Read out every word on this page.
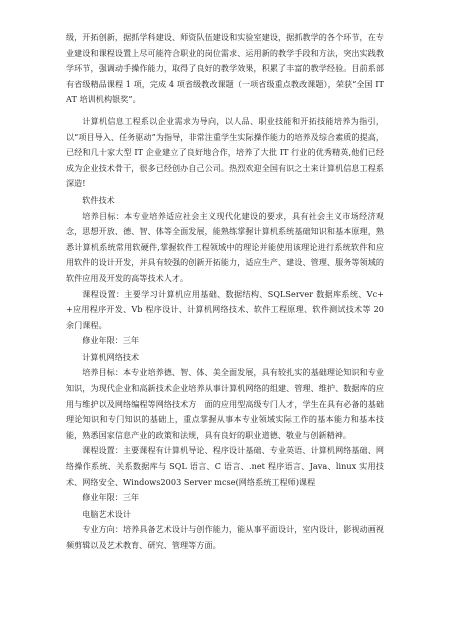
级，开拓创新，据抓学科建设、师资队伍建设和实验室建设，据抓教学的各个环节，在专业建设和课程设置上尽可能符合职业的岗位需求、运用新的教学手段和方法，突出实践教学环节，强调动手操作能力，取得了良好的教学效果，积累了丰富的教学经验。目前系部有省级精品课程 1 项，完成 4 项省级教改课题（一项省级重点教改课题），荣获“全国 ITAT 培训机构银奖”。

计算机信息工程系以企业需求为导向，以人品、职业技能和开拓技能培养为指引，以“项目导入、任务驱动”为指导，非常注重学生实际操作能力的培养及综合素质的提高，已经和几十家大型 IT 企业建立了良好地合作，培养了大批 IT 行业的优秀精英,他们已经成为企业技术骨干，很多已经创办自己公司。热烈欢迎全国有识之士来计算机信息工程系深造!

软件技术

培养目标：本专业培养适应社会主义现代化建设的要求，具有社会主义市场经济观念，思想开放、德、智、体等全面发展，能熟练掌握计算机系统基础知识和基本原理，熟悉计算机系统常用软硬件,掌握软件工程领域中的理论并能使用该理论进行系统软件和应用软件的设计开发，并具有较强的创新开拓能力，适应生产、建设、管理、服务等领域的软件应用及开发的高等技术人才。

课程设置：主要学习计算机应用基础、数据结构、SQLServer 数据库系统、Vc++应用程序开发、Vb 程序设计、计算机网络技术、软件工程原理、软件测试技术等 20 余门课程。

修业年限：三年

计算机网络技术

培养目标：本专业培养德、智、体、美全面发展，具有较扎实的基础理论知识和专业知识，为现代企业和高新技术企业培养从事计算机网络的组建、管理、维护、数据库的应用与维护以及网络编程等网络技术方　面的应用型高级专门人才，学生在具有必备的基础理论知识和专门知识的基础上，重点掌握从事本专业领域实际工作的基本能力和基本技能，熟悉国家信息产业的政策和法规，具有良好的职业道德、敬业与创新精神。

课程设置：主要课程有计算机导论、程序设计基础、专业英语、计算机网络基础、网络操作系统、关系数据库与 SQL 语言、C 语言、.net 程序语言、Java、linux 实用技术、网络安全、Windows2003 Server mcse(网络系统工程师)课程

修业年限：三年

电脑艺术设计

专业方向：培养具备艺术设计与创作能力，能从事平面设计，室内设计，影视动画视频剪辑以及艺术教育、研究、管理等方面。
